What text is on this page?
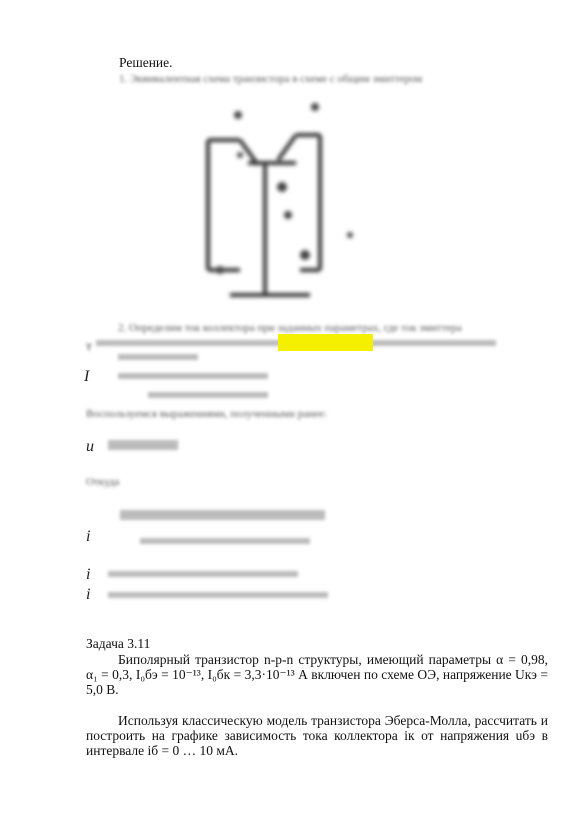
Решение.
1. Эквивалентная схема транзистора в схеме с общим эмиттером
2. Определим ток коллектора при заданных параметрах, где ток эмиттера
т
I
Воспользуемся выражениями, полученными ранее:
u
Откуда
i
i
i
Задача 3.11
Биполярный транзистор n-p-n структуры, имеющий параметры α = 0,98, α₁ = 0,3, I₀бэ = 10⁻¹³, I₀бк = 3,3·10⁻¹³ А включен по схеме ОЭ, напряжение Uкэ = 5,0 В.
Используя классическую модель транзистора Эберса-Молла, рассчитать и построить на графике зависимость тока коллектора iк от напряжения uбэ в интервале iб = 0 … 10 мА.
